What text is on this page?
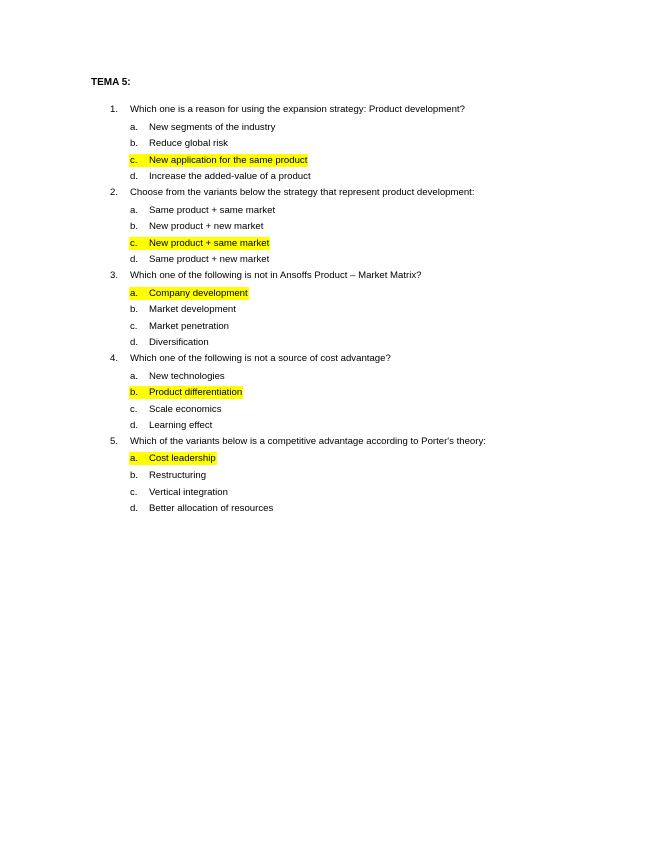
TEMA 5:
1. Which one is a reason for using the expansion strategy: Product development?
a. New segments of the industry
b. Reduce global risk
c. New application for the same product
d. Increase the added-value of a product
2. Choose from the variants below the strategy that represent product development:
a. Same product + same market
b. New product + new market
c. New product + same market
d. Same product + new market
3. Which one of the following is not in Ansoffs Product – Market Matrix?
a. Company development
b. Market development
c. Market penetration
d. Diversification
4. Which one of the following is not a source of cost advantage?
a. New technologies
b. Product differentiation
c. Scale economics
d. Learning effect
5. Which of the variants below is a competitive advantage according to Porter's theory:
a. Cost leadership
b. Restructuring
c. Vertical integration
d. Better allocation of resources
